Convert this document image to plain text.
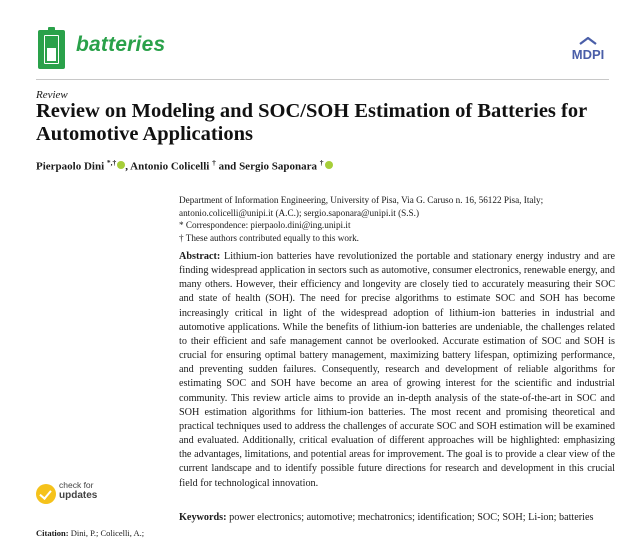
+ batteries	MDPI
Review
Review on Modeling and SOC/SOH Estimation of Batteries for Automotive Applications
Pierpaolo Dini *,† , Antonio Colicelli † and Sergio Saponara †
Department of Information Engineering, University of Pisa, Via G. Caruso n. 16, 56122 Pisa, Italy;
antonio.colicelli@unipi.it (A.C.); sergio.saponara@unipi.it (S.S.)
* Correspondence: pierpaolo.dini@ing.unipi.it
† These authors contributed equally to this work.
Abstract: Lithium-ion batteries have revolutionized the portable and stationary energy industry and are finding widespread application in sectors such as automotive, consumer electronics, renewable energy, and many others. However, their efficiency and longevity are closely tied to accurately measuring their SOC and state of health (SOH). The need for precise algorithms to estimate SOC and SOH has become increasingly critical in light of the widespread adoption of lithium-ion batteries in industrial and automotive applications. While the benefits of lithium-ion batteries are undeniable, the challenges related to their efficient and safe management cannot be overlooked. Accurate estimation of SOC and SOH is crucial for ensuring optimal battery management, maximizing battery lifespan, optimizing performance, and preventing sudden failures. Consequently, research and development of reliable algorithms for estimating SOC and SOH have become an area of growing interest for the scientific and industrial community. This review article aims to provide an in-depth analysis of the state-of-the-art in SOC and SOH estimation algorithms for lithium-ion batteries. The most recent and promising theoretical and practical techniques used to address the challenges of accurate SOC and SOH estimation will be examined and evaluated. Additionally, critical evaluation of different approaches will be highlighted: emphasizing the advantages, limitations, and potential areas for improvement. The goal is to provide a clear view of the current landscape and to identify possible future directions for research and development in this crucial field for technological innovation.
Keywords: power electronics; automotive; mechatronics; identification; SOC; SOH; Li-ion; batteries
check for
updates
Citation: Dini, P.; Colicelli, A.;
